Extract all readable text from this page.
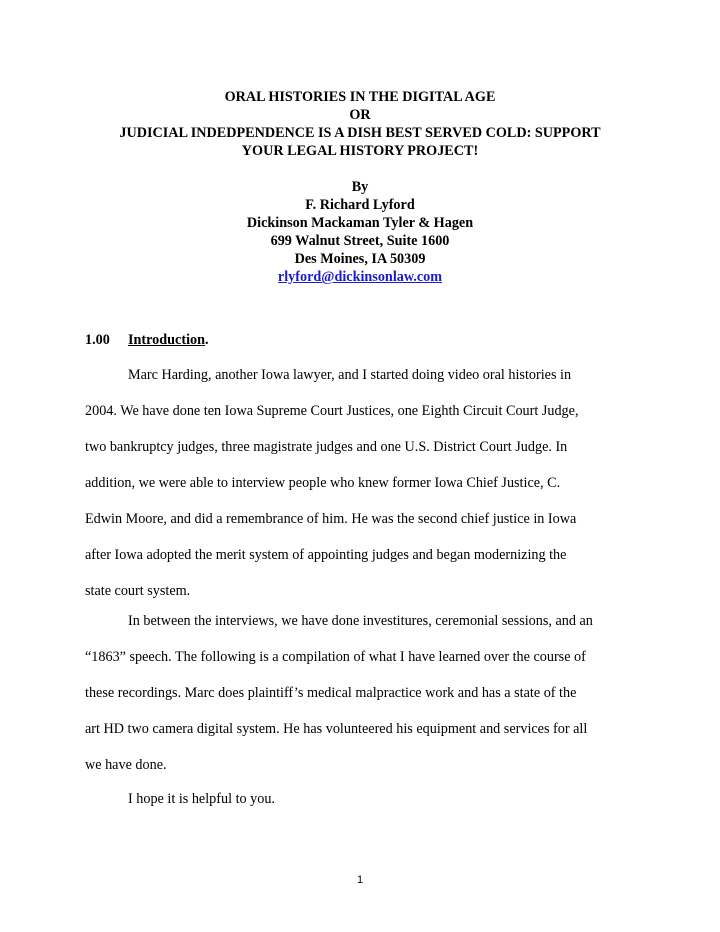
ORAL HISTORIES IN THE DIGITAL AGE
OR
JUDICIAL INDEDPENDENCE IS A DISH BEST SERVED COLD: SUPPORT
YOUR LEGAL HISTORY PROJECT!
By
F. Richard Lyford
Dickinson Mackaman Tyler & Hagen
699 Walnut Street, Suite 1600
Des Moines, IA 50309
rlyford@dickinsonlaw.com
1.00 Introduction.
Marc Harding, another Iowa lawyer, and I started doing video oral histories in
2004. We have done ten Iowa Supreme Court Justices, one Eighth Circuit Court Judge,
two bankruptcy judges, three magistrate judges and one U.S. District Court Judge. In
addition, we were able to interview people who knew former Iowa Chief Justice, C.
Edwin Moore, and did a remembrance of him. He was the second chief justice in Iowa
after Iowa adopted the merit system of appointing judges and began modernizing the
state court system.
In between the interviews, we have done investitures, ceremonial sessions, and an
“1863” speech. The following is a compilation of what I have learned over the course of
these recordings. Marc does plaintiff’s medical malpractice work and has a state of the
art HD two camera digital system. He has volunteered his equipment and services for all
we have done.
I hope it is helpful to you.
1
